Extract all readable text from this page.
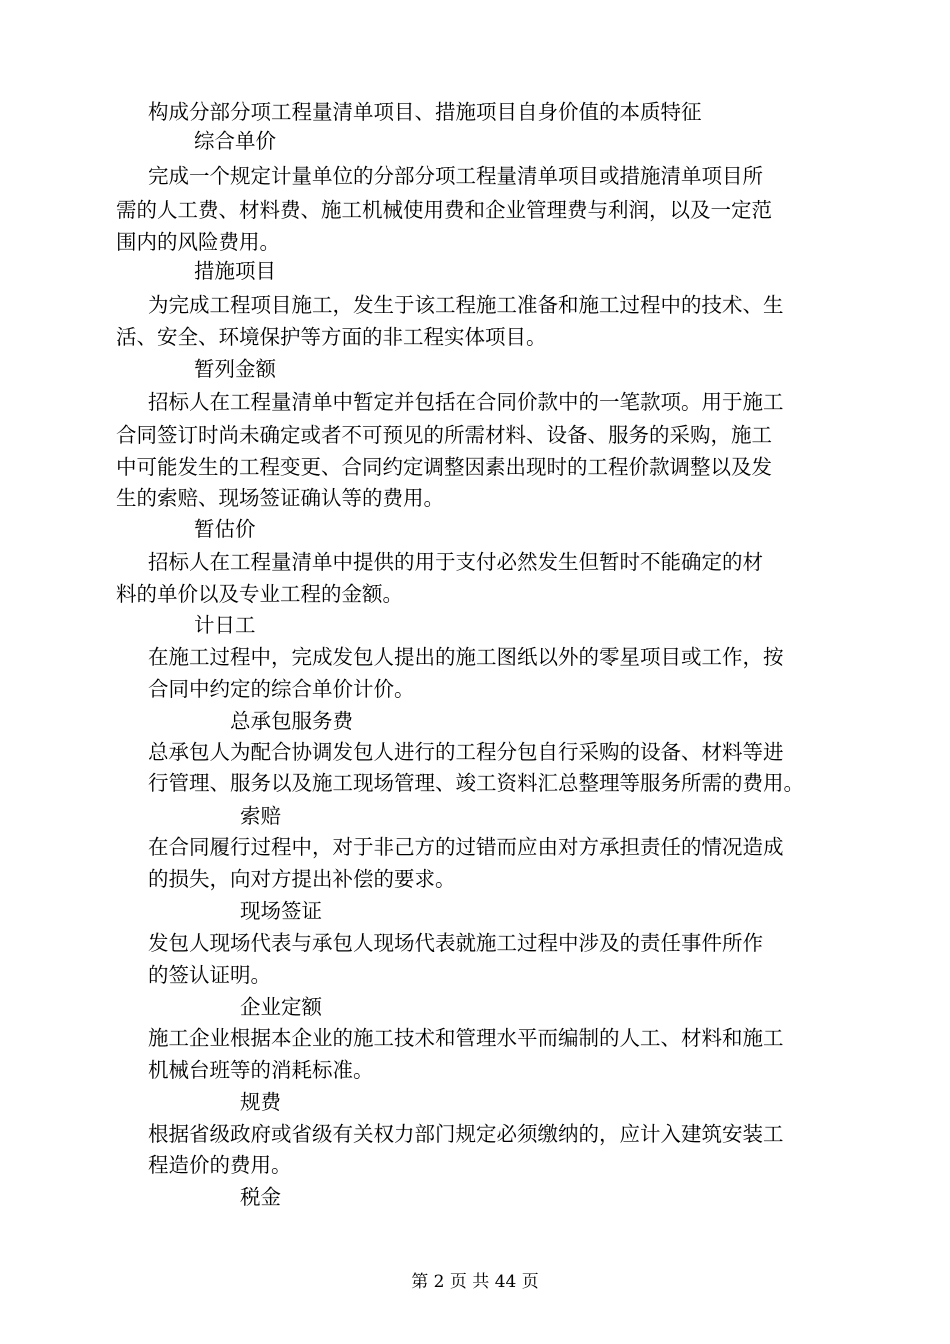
构成分部分项工程量清单项目、措施项目自身价值的本质特征
综合单价
完成一个规定计量单位的分部分项工程量清单项目或措施清单项目所
需的人工费、材料费、施工机械使用费和企业管理费与利润，以及一定范
围内的风险费用。
措施项目
为完成工程项目施工，发生于该工程施工准备和施工过程中的技术、生
活、安全、环境保护等方面的非工程实体项目。
暂列金额
招标人在工程量清单中暂定并包括在合同价款中的一笔款项。用于施工
合同签订时尚未确定或者不可预见的所需材料、设备、服务的采购，施工
中可能发生的工程变更、合同约定调整因素出现时的工程价款调整以及发
生的索赔、现场签证确认等的费用。
暂估价
招标人在工程量清单中提供的用于支付必然发生但暂时不能确定的材
料的单价以及专业工程的金额。
计日工
在施工过程中，完成发包人提出的施工图纸以外的零星项目或工作，按
合同中约定的综合单价计价。
总承包服务费
总承包人为配合协调发包人进行的工程分包自行采购的设备、材料等进
行管理、服务以及施工现场管理、竣工资料汇总整理等服务所需的费用。
索赔
在合同履行过程中，对于非己方的过错而应由对方承担责任的情况造成
的损失，向对方提出补偿的要求。
现场签证
发包人现场代表与承包人现场代表就施工过程中涉及的责任事件所作
的签认证明。
企业定额
施工企业根据本企业的施工技术和管理水平而编制的人工、材料和施工
机械台班等的消耗标准。
规费
根据省级政府或省级有关权力部门规定必须缴纳的，应计入建筑安装工
程造价的费用。
税金
第 2 页 共 44 页
